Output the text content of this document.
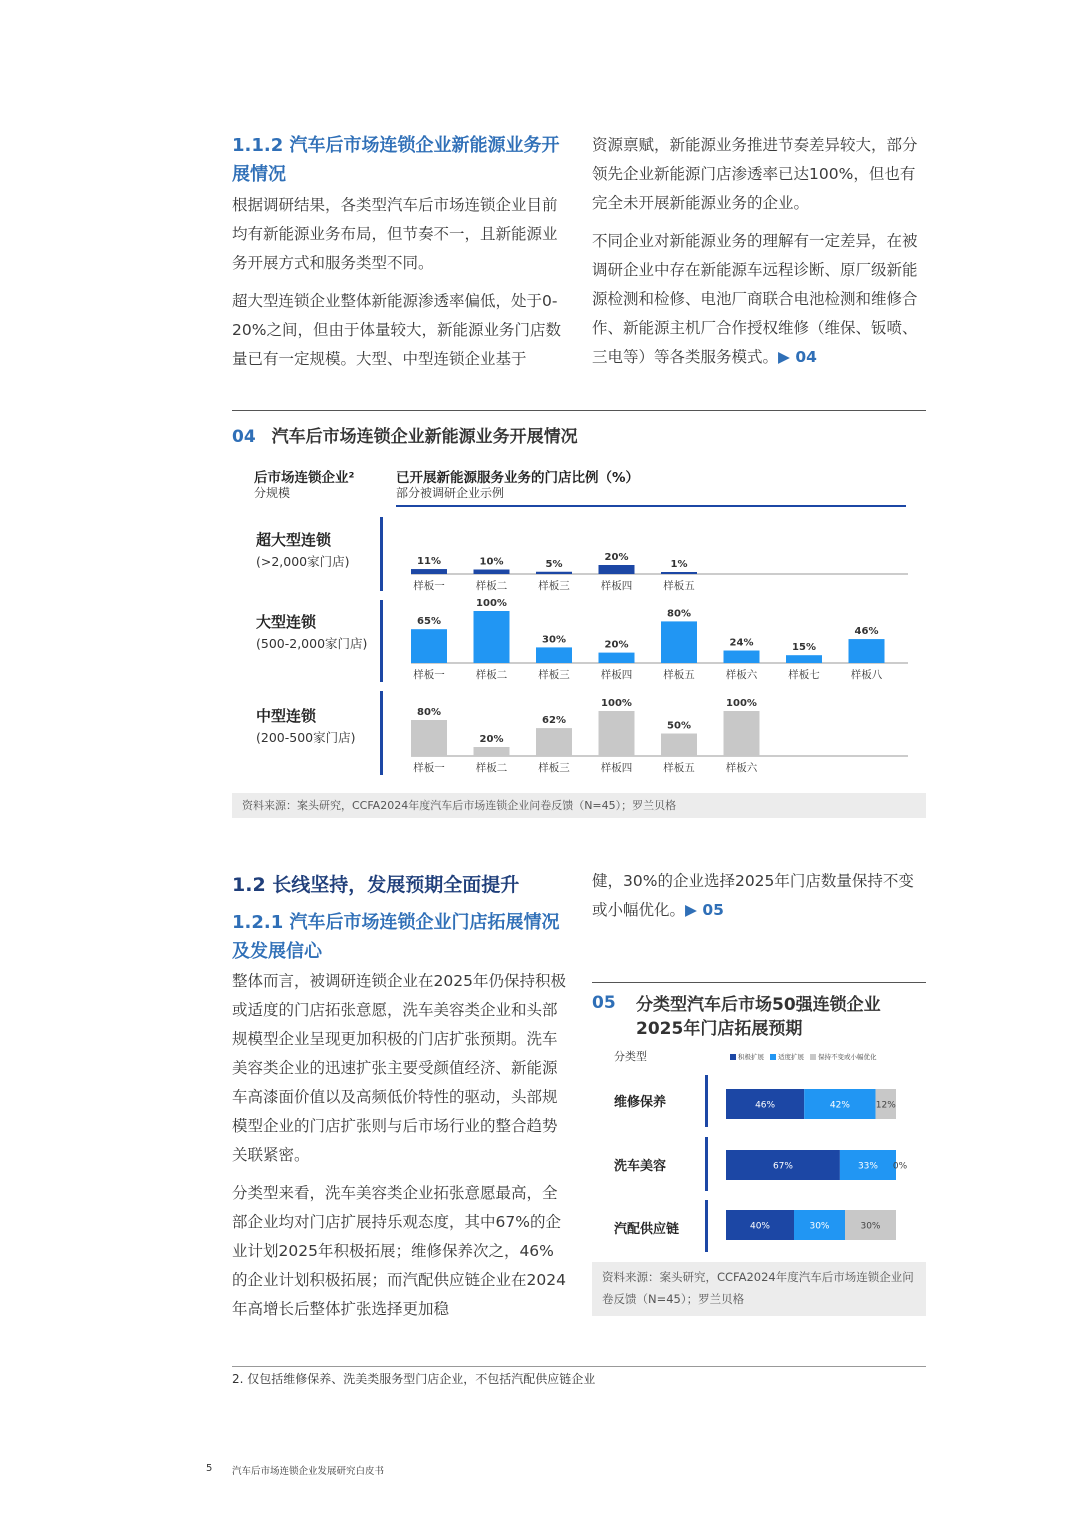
1.1.2 汽车后市场连锁企业新能源业务开展情况

根据调研结果，各类型汽车后市场连锁企业目前均有新能源业务布局，但节奏不一，且新能源业务开展方式和服务类型不同。

超大型连锁企业整体新能源渗透率偏低，处于0-20%之间，但由于体量较大，新能源业务门店数量已有一定规模。大型、中型连锁企业基于

资源禀赋，新能源业务推进节奏差异较大，部分领先企业新能源门店渗透率已达100%，但也有完全未开展新能源业务的企业。

不同企业对新能源业务的理解有一定差异，在被调研企业中存在新能源车远程诊断、原厂级新能源检测和检修、电池厂商联合电池检测和维修合作、新能源主机厂合作授权维修（维保、钣喷、三电等）等各类服务模式。▶ 04

04 汽车后市场连锁企业新能源业务开展情况
后市场连锁企业²
分规模
已开展新能源服务业务的门店比例（%）
部分被调研企业示例
超大型连锁
(>2,000家门店)
大型连锁
(500-2,000家门店)
中型连锁
(200-500家门店)
11%
样板一
10%
样板二
5%
样板三
20%
样板四
1%
样板五
65%
样板一
100%
样板二
30%
样板三
20%
样板四
80%
样板五
24%
样板六
15%
样板七
46%
样板八
80%
样板一
20%
样板二
62%
样板三
100%
样板四
50%
样板五
100%
样板六
资料来源：案头研究，CCFA2024年度汽车后市场连锁企业问卷反馈（N=45）；罗兰贝格
1.2 长线坚持，发展预期全面提升
1.2.1 汽车后市场连锁企业门店拓展情况及发展信心

整体而言，被调研连锁企业在2025年仍保持积极或适度的门店拓张意愿，洗车美容类企业和头部规模型企业呈现更加积极的门店扩张预期。洗车美容类企业的迅速扩张主要受颜值经济、新能源车高漆面价值以及高频低价特性的驱动，头部规模型企业的门店扩张则与后市场行业的整合趋势关联紧密。

分类型来看，洗车美容类企业拓张意愿最高，全部企业均对门店扩展持乐观态度，其中67%的企业计划2025年积极拓展；维修保养次之，46%的企业计划积极拓展；而汽配供应链企业在2024年高增长后整体扩张选择更加稳

健，30%的企业选择2025年门店数量保持不变或小幅优化。▶ 05

05 分类型汽车后市场50强连锁企业
2025年门店拓展预期
分类型	积极扩展 适度扩展 保持不变或小幅优化
维修保养
洗车美容
汽配供应链
46%	42%	12%
67%	33% 0%
40%	30%	30%
资料来源：案头研究，CCFA2024年度汽车后市场连锁企业问卷反馈（N=45）；罗兰贝格
2. 仅包括维修保养、洗美类服务型门店企业，不包括汽配供应链企业
5 汽车后市场连锁企业发展研究白皮书
